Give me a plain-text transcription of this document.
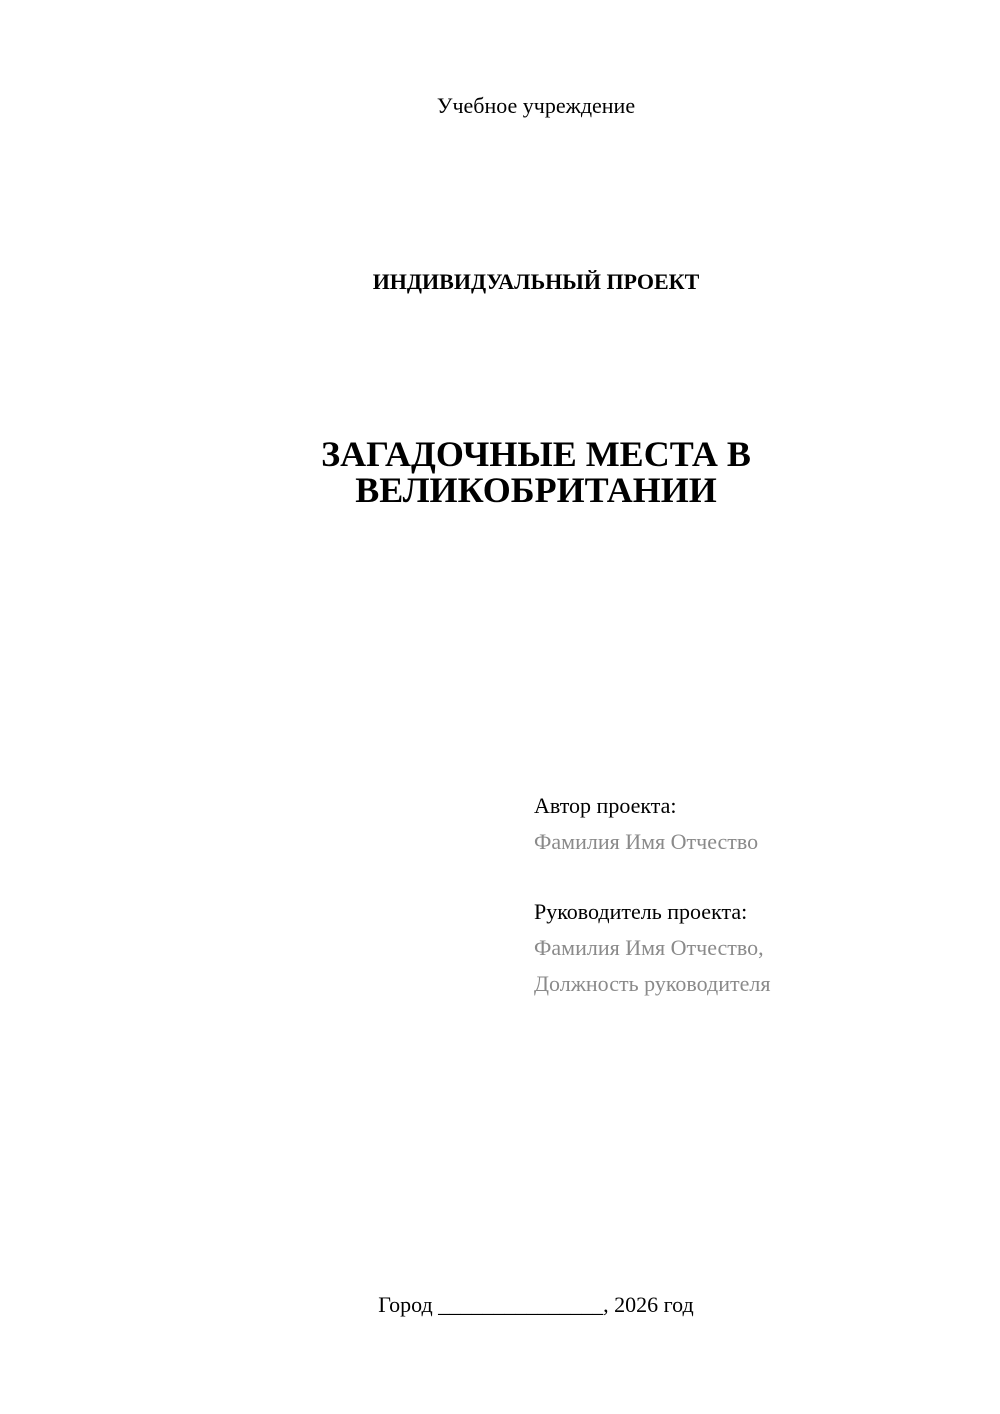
Учебное учреждение
ИНДИВИДУАЛЬНЫЙ ПРОЕКТ
ЗАГАДОЧНЫЕ МЕСТА В
ВЕЛИКОБРИТАНИИ
Автор проекта:
Фамилия Имя Отчество
Руководитель проекта:
Фамилия Имя Отчество,
Должность руководителя
Город _______________, 2026 год
